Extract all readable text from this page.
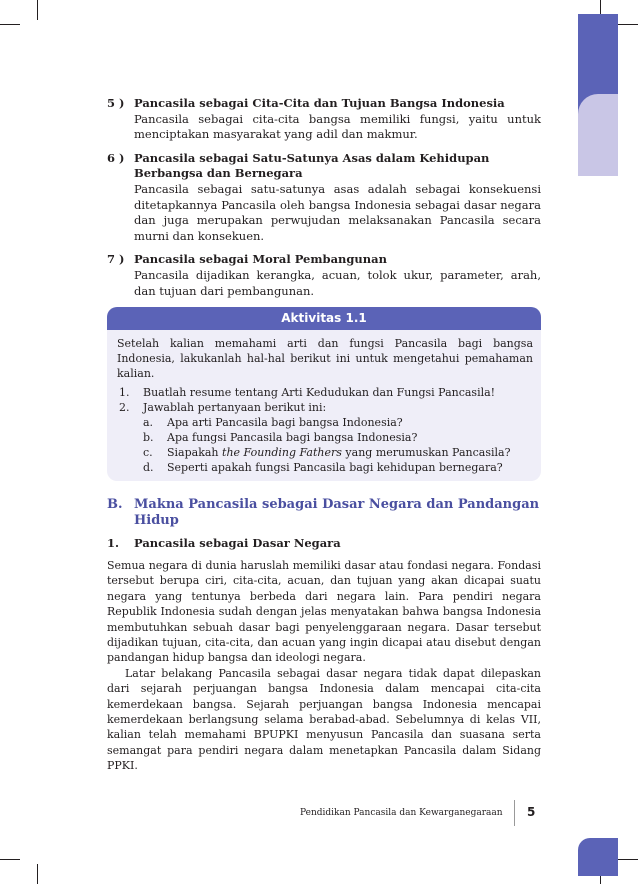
5 ) Pancasila sebagai Cita-Cita dan Tujuan Bangsa Indonesia
Pancasila sebagai cita-cita bangsa memiliki fungsi, yaitu untuk menciptakan masyarakat yang adil dan makmur.
6 ) Pancasila sebagai Satu-Satunya Asas dalam Kehidupan Berbangsa dan Bernegara
Pancasila sebagai satu-satunya asas adalah sebagai konsekuensi ditetapkannya Pancasila oleh bangsa Indonesia sebagai dasar negara dan juga merupakan perwujudan melaksanakan Pancasila secara murni dan konsekuen.
7 ) Pancasila sebagai Moral Pembangunan
Pancasila dijadikan kerangka, acuan, tolok ukur, parameter, arah, dan tujuan dari pembangunan.
Aktivitas 1.1
Setelah kalian memahami arti dan fungsi Pancasila bagi bangsa Indonesia, lakukanlah hal-hal berikut ini untuk mengetahui pemahaman kalian.
1.	Buatlah resume tentang Arti Kedudukan dan Fungsi Pancasila!
2.	Jawablah pertanyaan berikut ini:
a.	Apa arti Pancasila bagi bangsa Indonesia?
b.	Apa fungsi Pancasila bagi bangsa Indonesia?
c.	Siapakah the Founding Fathers yang merumuskan Pancasila?
d.	Seperti apakah fungsi Pancasila bagi kehidupan bernegara?
B. Makna Pancasila sebagai Dasar Negara dan Pandangan Hidup
1.	Pancasila sebagai Dasar Negara
Semua negara di dunia haruslah memiliki dasar atau fondasi negara. Fondasi tersebut berupa ciri, cita-cita, acuan, dan tujuan yang akan dicapai suatu negara yang tentunya berbeda dari negara lain. Para pendiri negara Republik Indonesia sudah dengan jelas menyatakan bahwa bangsa Indonesia membutuhkan sebuah dasar bagi penyelenggaraan negara. Dasar tersebut dijadikan tujuan, cita-cita, dan acuan yang ingin dicapai atau disebut dengan pandangan hidup bangsa dan ideologi negara.
Latar belakang Pancasila sebagai dasar negara tidak dapat dilepaskan dari sejarah perjuangan bangsa Indonesia dalam mencapai cita-cita kemerdekaan bangsa. Sejarah perjuangan bangsa Indonesia mencapai kemerdekaan berlangsung selama berabad-abad. Sebelumnya di kelas VII, kalian telah memahami BPUPKI menyusun Pancasila dan suasana serta semangat para pendiri negara dalam menetapkan Pancasila dalam Sidang PPKI.
Pendidikan Pancasila dan Kewarganegaraan 5
